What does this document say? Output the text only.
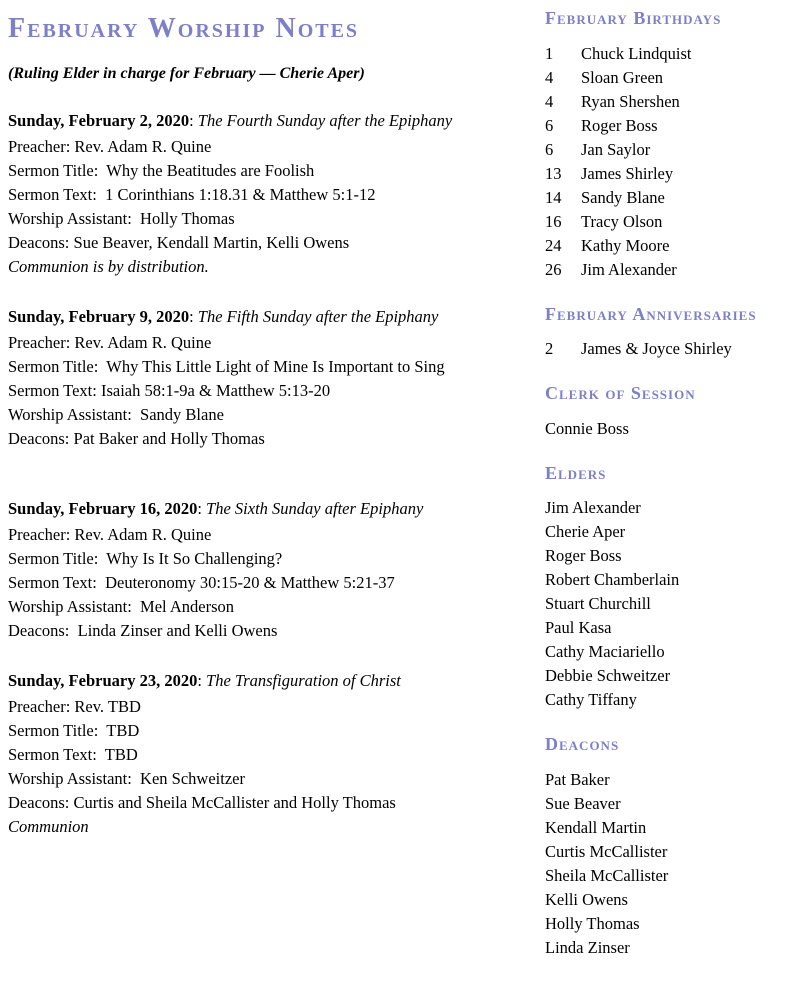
February Worship Notes

(Ruling Elder in charge for February — Cherie Aper)

Sunday, February 2, 2020: The Fourth Sunday after the Epiphany

Preacher: Rev. Adam R. Quine

Sermon Title:  Why the Beatitudes are Foolish

Sermon Text:  1 Corinthians 1:18.31 & Matthew 5:1-12

Worship Assistant:  Holly Thomas

Deacons: Sue Beaver, Kendall Martin, Kelli Owens

Communion is by distribution.

Sunday, February 9, 2020: The Fifth Sunday after the Epiphany

Preacher: Rev. Adam R. Quine

Sermon Title:  Why This Little Light of Mine Is Important to Sing

Sermon Text: Isaiah 58:1-9a & Matthew 5:13-20

Worship Assistant:  Sandy Blane

Deacons: Pat Baker and Holly Thomas

Sunday, February 16, 2020: The Sixth Sunday after Epiphany

Preacher: Rev. Adam R. Quine

Sermon Title:  Why Is It So Challenging?

Sermon Text:  Deuteronomy 30:15-20 & Matthew 5:21-37

Worship Assistant:  Mel Anderson

Deacons:  Linda Zinser and Kelli Owens

Sunday, February 23, 2020: The Transfiguration of Christ

Preacher: Rev. TBD

Sermon Title:  TBD

Sermon Text:  TBD

Worship Assistant:  Ken Schweitzer

Deacons: Curtis and Sheila McCallister and Holly Thomas

Communion

February Birthdays
1	Chuck Lindquist
4	Sloan Green
4	Ryan Shershen
6	Roger Boss
6	Jan Saylor
13	James Shirley
14	Sandy Blane
16	Tracy Olson
24	Kathy Moore
26	Jim Alexander
February Anniversaries
2	James & Joyce Shirley
Clerk of Session
Connie Boss
Elders
Jim Alexander
Cherie Aper
Roger Boss
Robert Chamberlain
Stuart Churchill
Paul Kasa
Cathy Maciariello
Debbie Schweitzer
Cathy Tiffany
Deacons
Pat Baker
Sue Beaver
Kendall Martin
Curtis McCallister
Sheila McCallister
Kelli Owens
Holly Thomas
Linda Zinser
